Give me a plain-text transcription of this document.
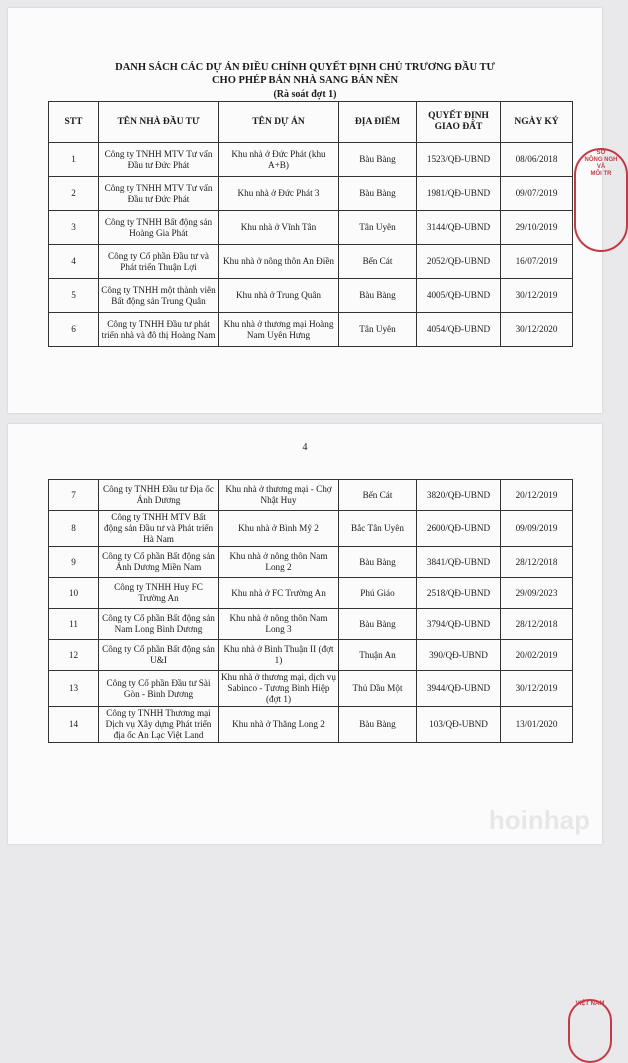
DANH SÁCH CÁC DỰ ÁN ĐIỀU CHỈNH QUYẾT ĐỊNH CHỦ TRƯƠNG ĐẦU TƯ
CHO PHÉP BÁN NHÀ SANG BÁN NỀN
(Rà soát đợt 1)
STT	TÊN NHÀ ĐẦU TƯ	TÊN DỰ ÁN	ĐỊA ĐIỂM	QUYẾT ĐỊNH GIAO ĐẤT	NGÀY KÝ
1	Công ty TNHH MTV Tư vấn Đầu tư Đức Phát	Khu nhà ở Đức Phát (khu A+B)	Bàu Bàng	1523/QĐ-UBND	08/06/2018
2	Công ty TNHH MTV Tư vấn Đầu tư Đức Phát	Khu nhà ở Đức Phát 3	Bàu Bàng	1981/QĐ-UBND	09/07/2019
3	Công ty TNHH Bất động sản Hoàng Gia Phát	Khu nhà ở Vĩnh Tân	Tân Uyên	3144/QĐ-UBND	29/10/2019
4	Công ty Cổ phần Đầu tư và Phát triển Thuận Lợi	Khu nhà ở nông thôn An Điền	Bến Cát	2052/QĐ-UBND	16/07/2019
5	Công ty TNHH một thành viên Bất động sản Trung Quân	Khu nhà ở Trung Quân	Bàu Bàng	4005/QĐ-UBND	30/12/2019
6	Công ty TNHH Đầu tư phát triển nhà và đô thị Hoàng Nam	Khu nhà ở thương mại Hoàng Nam Uyên Hưng	Tân Uyên	4054/QĐ-UBND	30/12/2020
SỞ
NÔNG NGH
VÀ
MÔI TR
4
7	Công ty TNHH Đầu tư Địa ốc Ánh Dương	Khu nhà ở thương mại - Chợ Nhật Huy	Bến Cát	3820/QĐ-UBND	20/12/2019
8	Công ty TNHH MTV Bất động sản Đầu tư và Phát triển Hà Nam	Khu nhà ở Bình Mỹ 2	Bắc Tân Uyên	2600/QĐ-UBND	09/09/2019
9	Công ty Cổ phần Bất động sản Ánh Dương Miền Nam	Khu nhà ở nông thôn Nam Long 2	Bàu Bàng	3841/QĐ-UBND	28/12/2018
10	Công ty TNHH Huy FC Trường An	Khu nhà ở FC Trường An	Phú Giáo	2518/QĐ-UBND	29/09/2023
11	Công ty Cổ phần Bất động sản Nam Long Bình Dương	Khu nhà ở nông thôn Nam Long 3	Bàu Bàng	3794/QĐ-UBND	28/12/2018
12	Công ty Cổ phần Bất động sản U&I	Khu nhà ở Bình Thuận II (đợt 1)	Thuận An	390/QĐ-UBND	20/02/2019
13	Công ty Cổ phần Đầu tư Sài Gòn - Bình Dương	Khu nhà ở thương mại, dịch vụ Sabinco - Tương Bình Hiệp (đợt 1)	Thủ Dầu Một	3944/QĐ-UBND	30/12/2019
14	Công ty TNHH Thương mại Dịch vụ Xây dựng Phát triển địa ốc An Lạc Việt Land	Khu nhà ở Thăng Long 2	Bàu Bàng	103/QĐ-UBND	13/01/2020
VIỆT NAM
hoinhap
